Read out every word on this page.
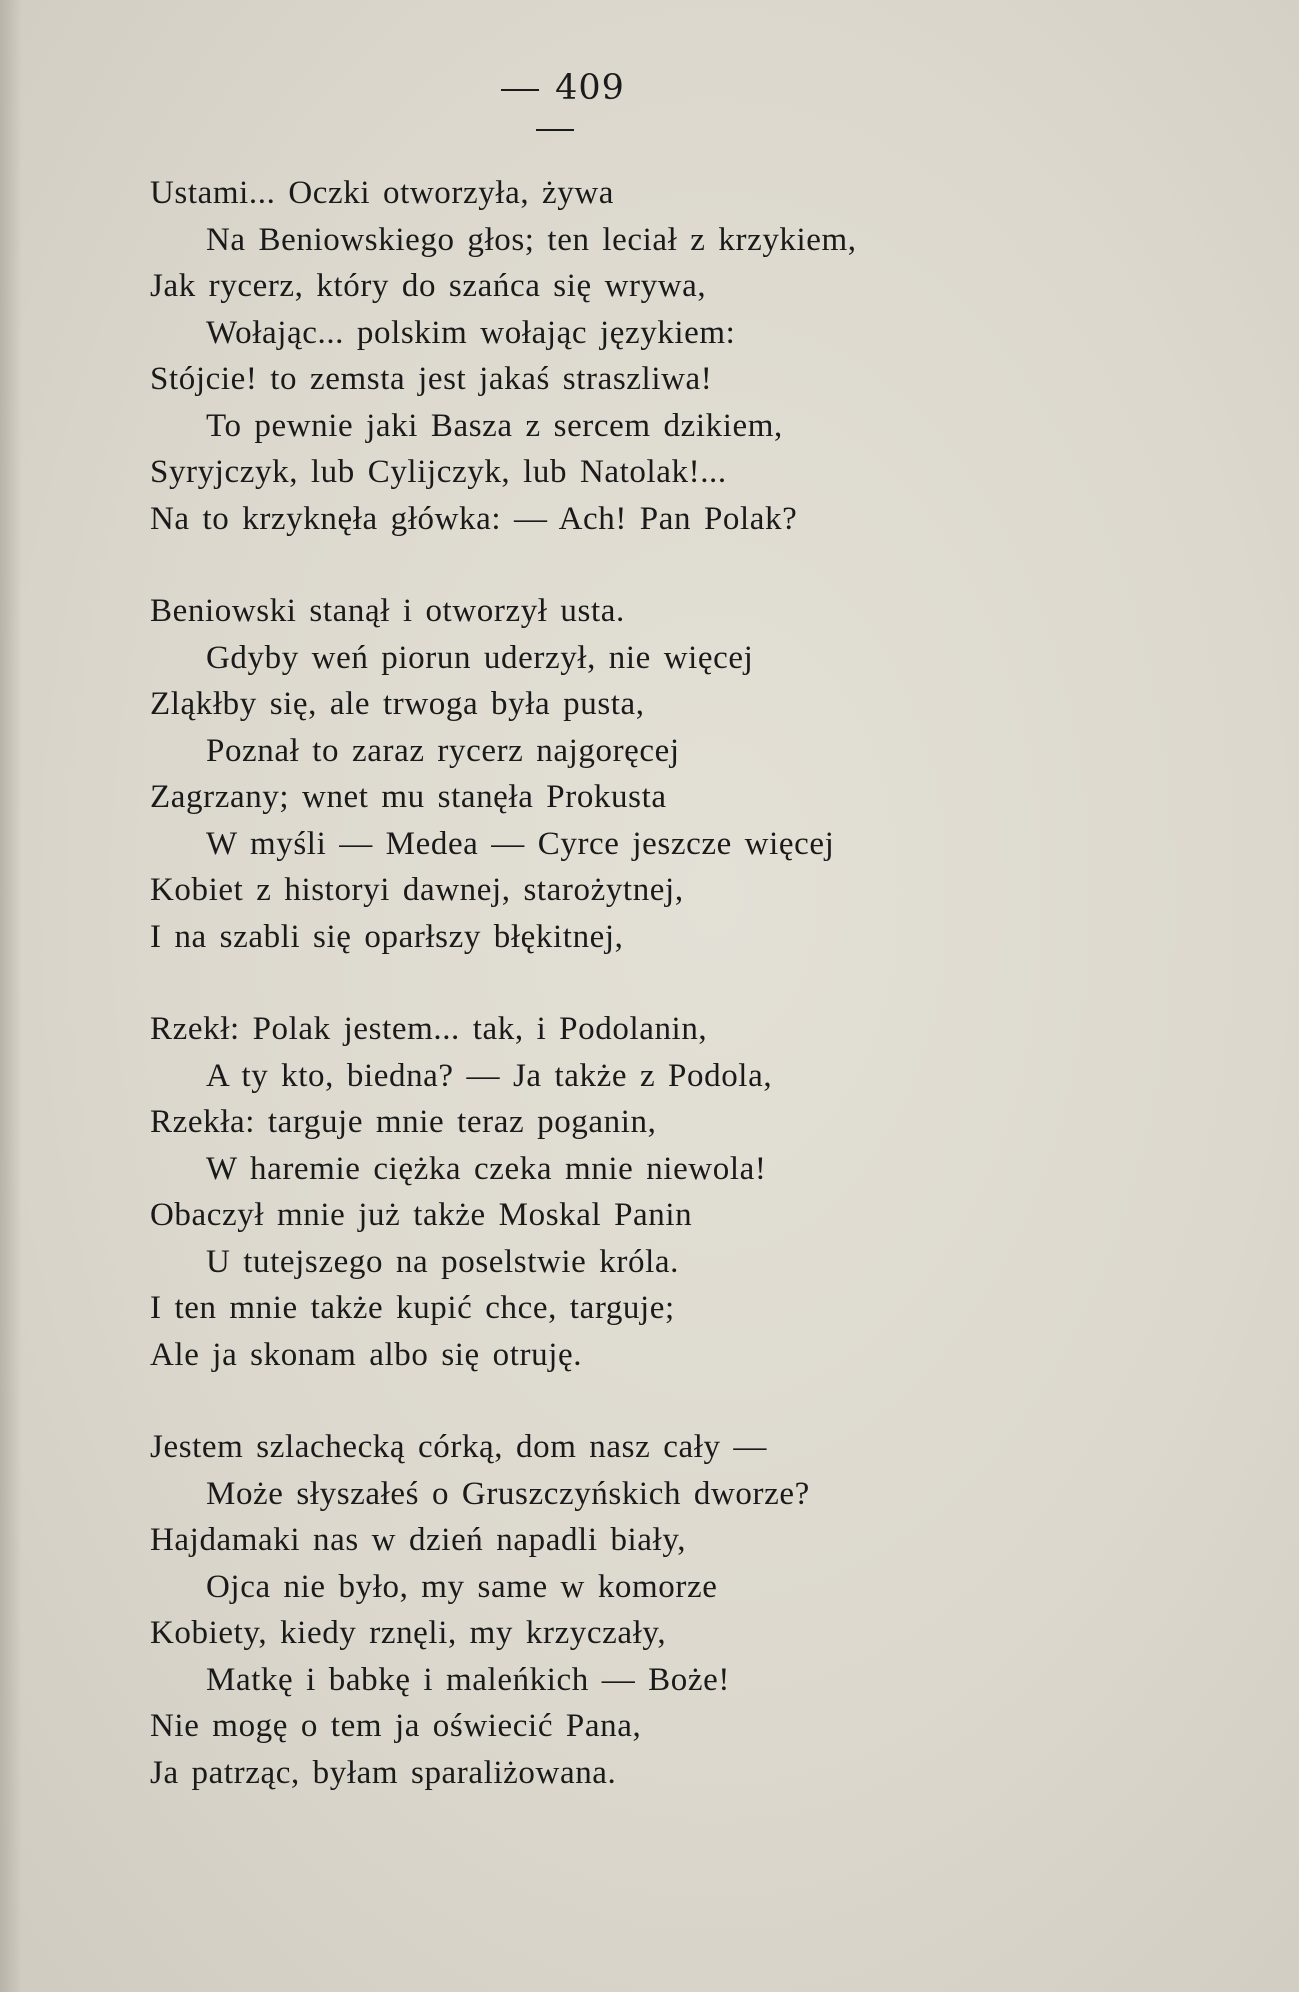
409
Ustami... Oczki otworzyła, żywa
Na Beniowskiego głos; ten leciał z krzykiem,
Jak rycerz, który do szańca się wrywa,
Wołając... polskim wołając językiem:
Stójcie! to zemsta jest jakaś straszliwa!
To pewnie jaki Basza z sercem dzikiem,
Syryjczyk, lub Cylijczyk, lub Natolak!...
Na to krzyknęła główka: — Ach! Pan Polak?
Beniowski stanął i otworzył usta.
Gdyby weń piorun uderzył, nie więcej
Zląkłby się, ale trwoga była pusta,
Poznał to zaraz rycerz najgoręcej
Zagrzany; wnet mu stanęła Prokusta
W myśli — Medea — Cyrce jeszcze więcej
Kobiet z historyi dawnej, starożytnej,
I na szabli się oparłszy błękitnej,
Rzekł: Polak jestem... tak, i Podolanin,
A ty kto, biedna? — Ja także z Podola,
Rzekła: targuje mnie teraz poganin,
W haremie ciężka czeka mnie niewola!
Obaczył mnie już także Moskal Panin
U tutejszego na poselstwie króla.
I ten mnie także kupić chce, targuje;
Ale ja skonam albo się otruję.
Jestem szlachecką córką, dom nasz cały —
Może słyszałeś o Gruszczyńskich dworze?
Hajdamaki nas w dzień napadli biały,
Ojca nie było, my same w komorze
Kobiety, kiedy rznęli, my krzyczały,
Matkę i babkę i maleńkich — Boże!
Nie mogę o tem ja oświecić Pana,
Ja patrząc, byłam sparaliżowana.
